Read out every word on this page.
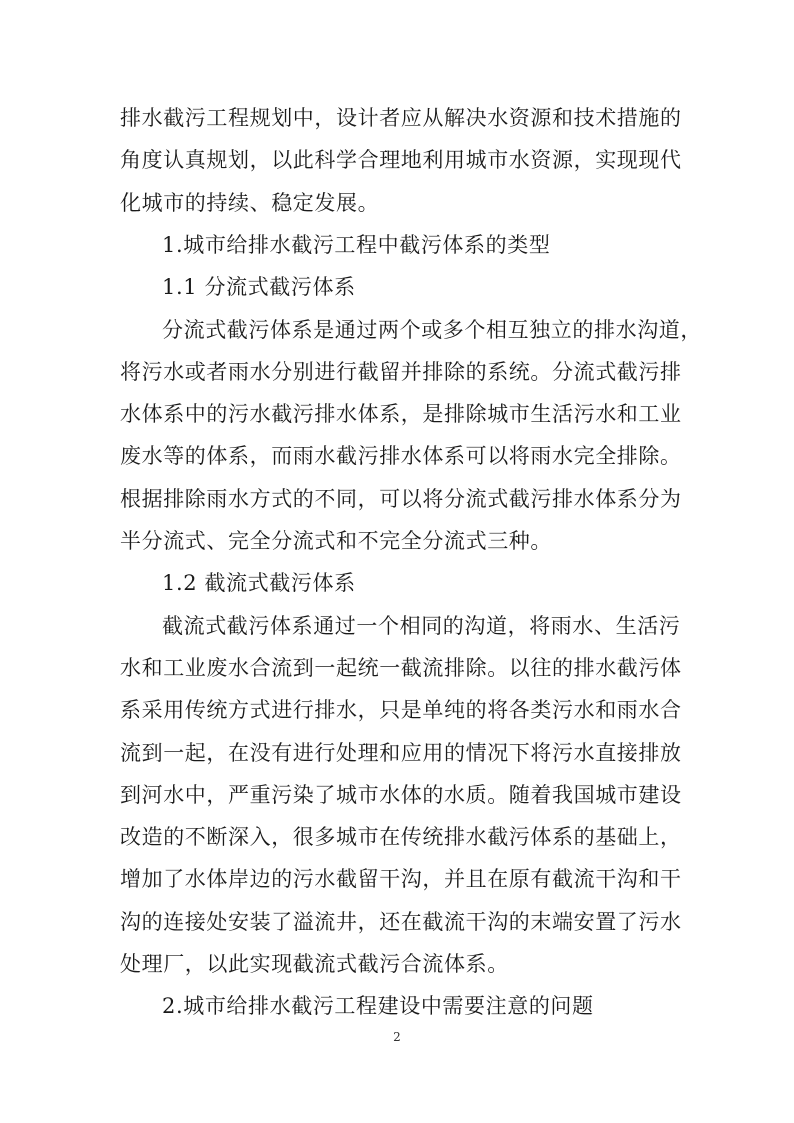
排水截污工程规划中，设计者应从解决水资源和技术措施的
角度认真规划，以此科学合理地利用城市水资源，实现现代
化城市的持续、稳定发展。
1.城市给排水截污工程中截污体系的类型
1.1 分流式截污体系
分流式截污体系是通过两个或多个相互独立的排水沟道，
将污水或者雨水分别进行截留并排除的系统。分流式截污排
水体系中的污水截污排水体系，是排除城市生活污水和工业
废水等的体系，而雨水截污排水体系可以将雨水完全排除。
根据排除雨水方式的不同，可以将分流式截污排水体系分为
半分流式、完全分流式和不完全分流式三种。
1.2 截流式截污体系
截流式截污体系通过一个相同的沟道，将雨水、生活污
水和工业废水合流到一起统一截流排除。以往的排水截污体
系采用传统方式进行排水，只是单纯的将各类污水和雨水合
流到一起，在没有进行处理和应用的情况下将污水直接排放
到河水中，严重污染了城市水体的水质。随着我国城市建设
改造的不断深入，很多城市在传统排水截污体系的基础上，
增加了水体岸边的污水截留干沟，并且在原有截流干沟和干
沟的连接处安装了溢流井，还在截流干沟的末端安置了污水
处理厂，以此实现截流式截污合流体系。
2.城市给排水截污工程建设中需要注意的问题
2
